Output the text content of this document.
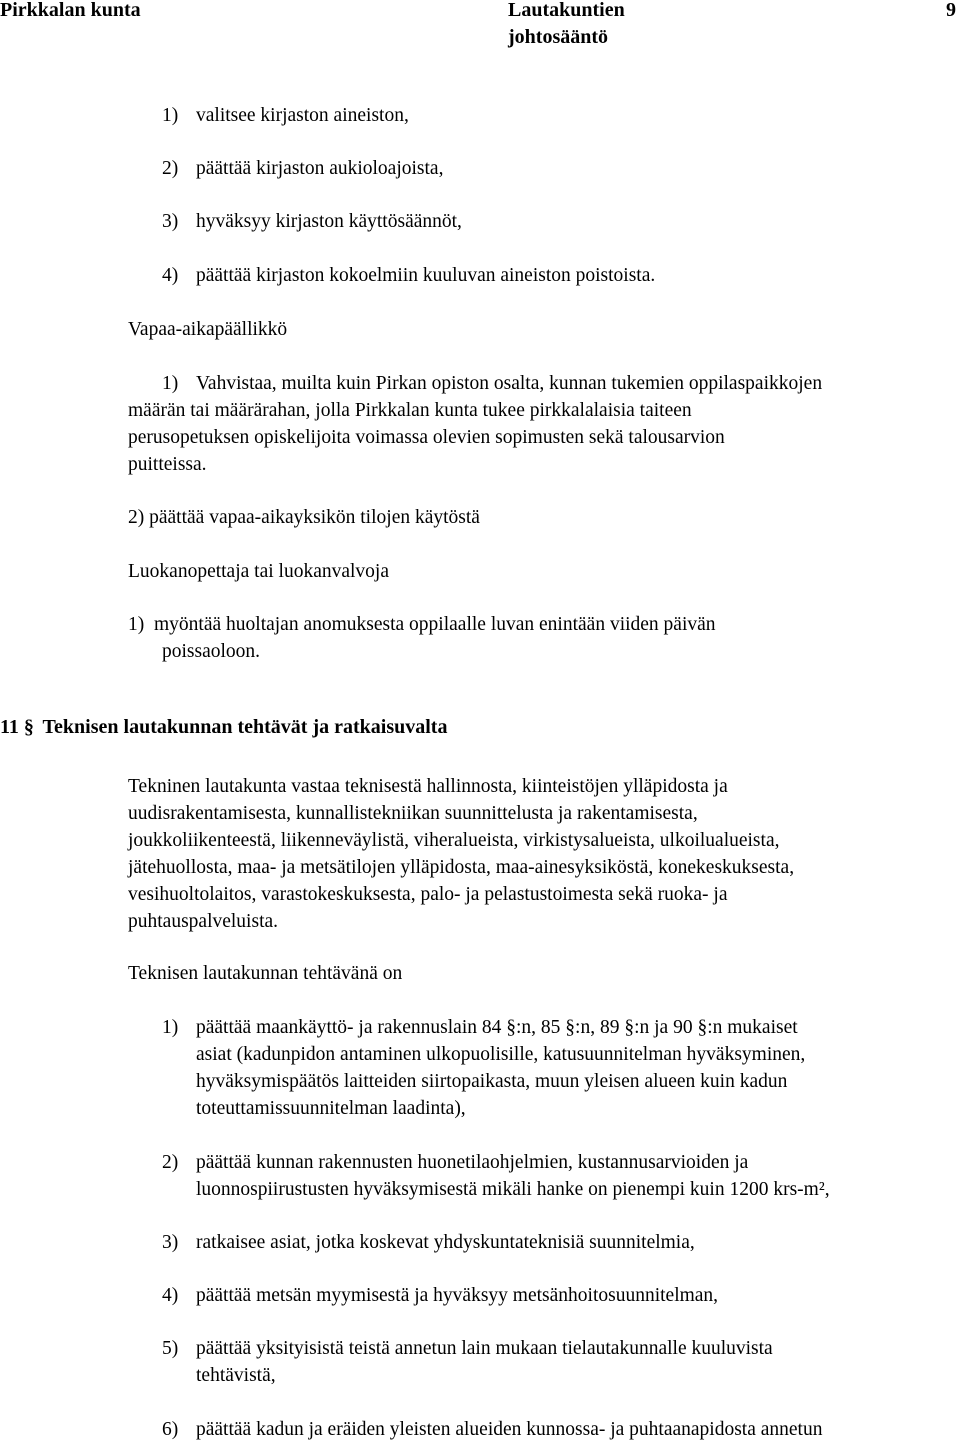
Pirkkalan kunta	Lautakuntien
johtosääntö
9
1) valitsee kirjaston aineiston,
2) päättää kirjaston aukioloajoista,
3) hyväksyy kirjaston käyttösäännöt,
4) päättää kirjaston kokoelmiin kuuluvan aineiston poistoista.
Vapaa-aikapäällikkö
1) Vahvistaa, muilta kuin Pirkan opiston osalta, kunnan tukemien oppilaspaikkojen
määrän tai määrärahan, jolla Pirkkalan kunta tukee pirkkalalaisia taiteen
perusopetuksen opiskelijoita voimassa olevien sopimusten sekä talousarvion
puitteissa.
2) päättää vapaa-aikayksikön tilojen käytöstä
Luokanopettaja tai luokanvalvoja
1) myöntää huoltajan anomuksesta oppilaalle luvan enintään viiden päivän
poissaoloon.
11 § Teknisen lautakunnan tehtävät ja ratkaisuvalta
Tekninen lautakunta vastaa teknisestä hallinnosta, kiinteistöjen ylläpidosta ja
uudisrakentamisesta, kunnallistekniikan suunnittelusta ja rakentamisesta,
joukkoliikenteestä, liikenneväylistä, viheralueista, virkistysalueista, ulkoilualueista,
jätehuollosta, maa- ja metsätilojen ylläpidosta, maa-ainesyksiköstä, konekeskuksesta,
vesihuoltolaitos, varastokeskuksesta, palo- ja pelastustoimesta sekä ruoka- ja
puhtauspalveluista.
Teknisen lautakunnan tehtävänä on
1) päättää maankäyttö- ja rakennuslain 84 §:n, 85 §:n, 89 §:n ja 90 §:n mukaiset
asiat (kadunpidon antaminen ulkopuolisille, katusuunnitelman hyväksyminen,
hyväksymispäätös laitteiden siirtopaikasta, muun yleisen alueen kuin kadun
toteuttamissuunnitelman laadinta),
2) päättää kunnan rakennusten huonetilaohjelmien, kustannusarvioiden ja
luonnospiirustusten hyväksymisestä mikäli hanke on pienempi kuin 1200 krs-m²,
3) ratkaisee asiat, jotka koskevat yhdyskuntateknisiä suunnitelmia,
4) päättää metsän myymisestä ja hyväksyy metsänhoitosuunnitelman,
5) päättää yksityisistä teistä annetun lain mukaan tielautakunnalle kuuluvista
tehtävistä,
6) päättää kadun ja eräiden yleisten alueiden kunnossa- ja puhtaanapidosta annetun
